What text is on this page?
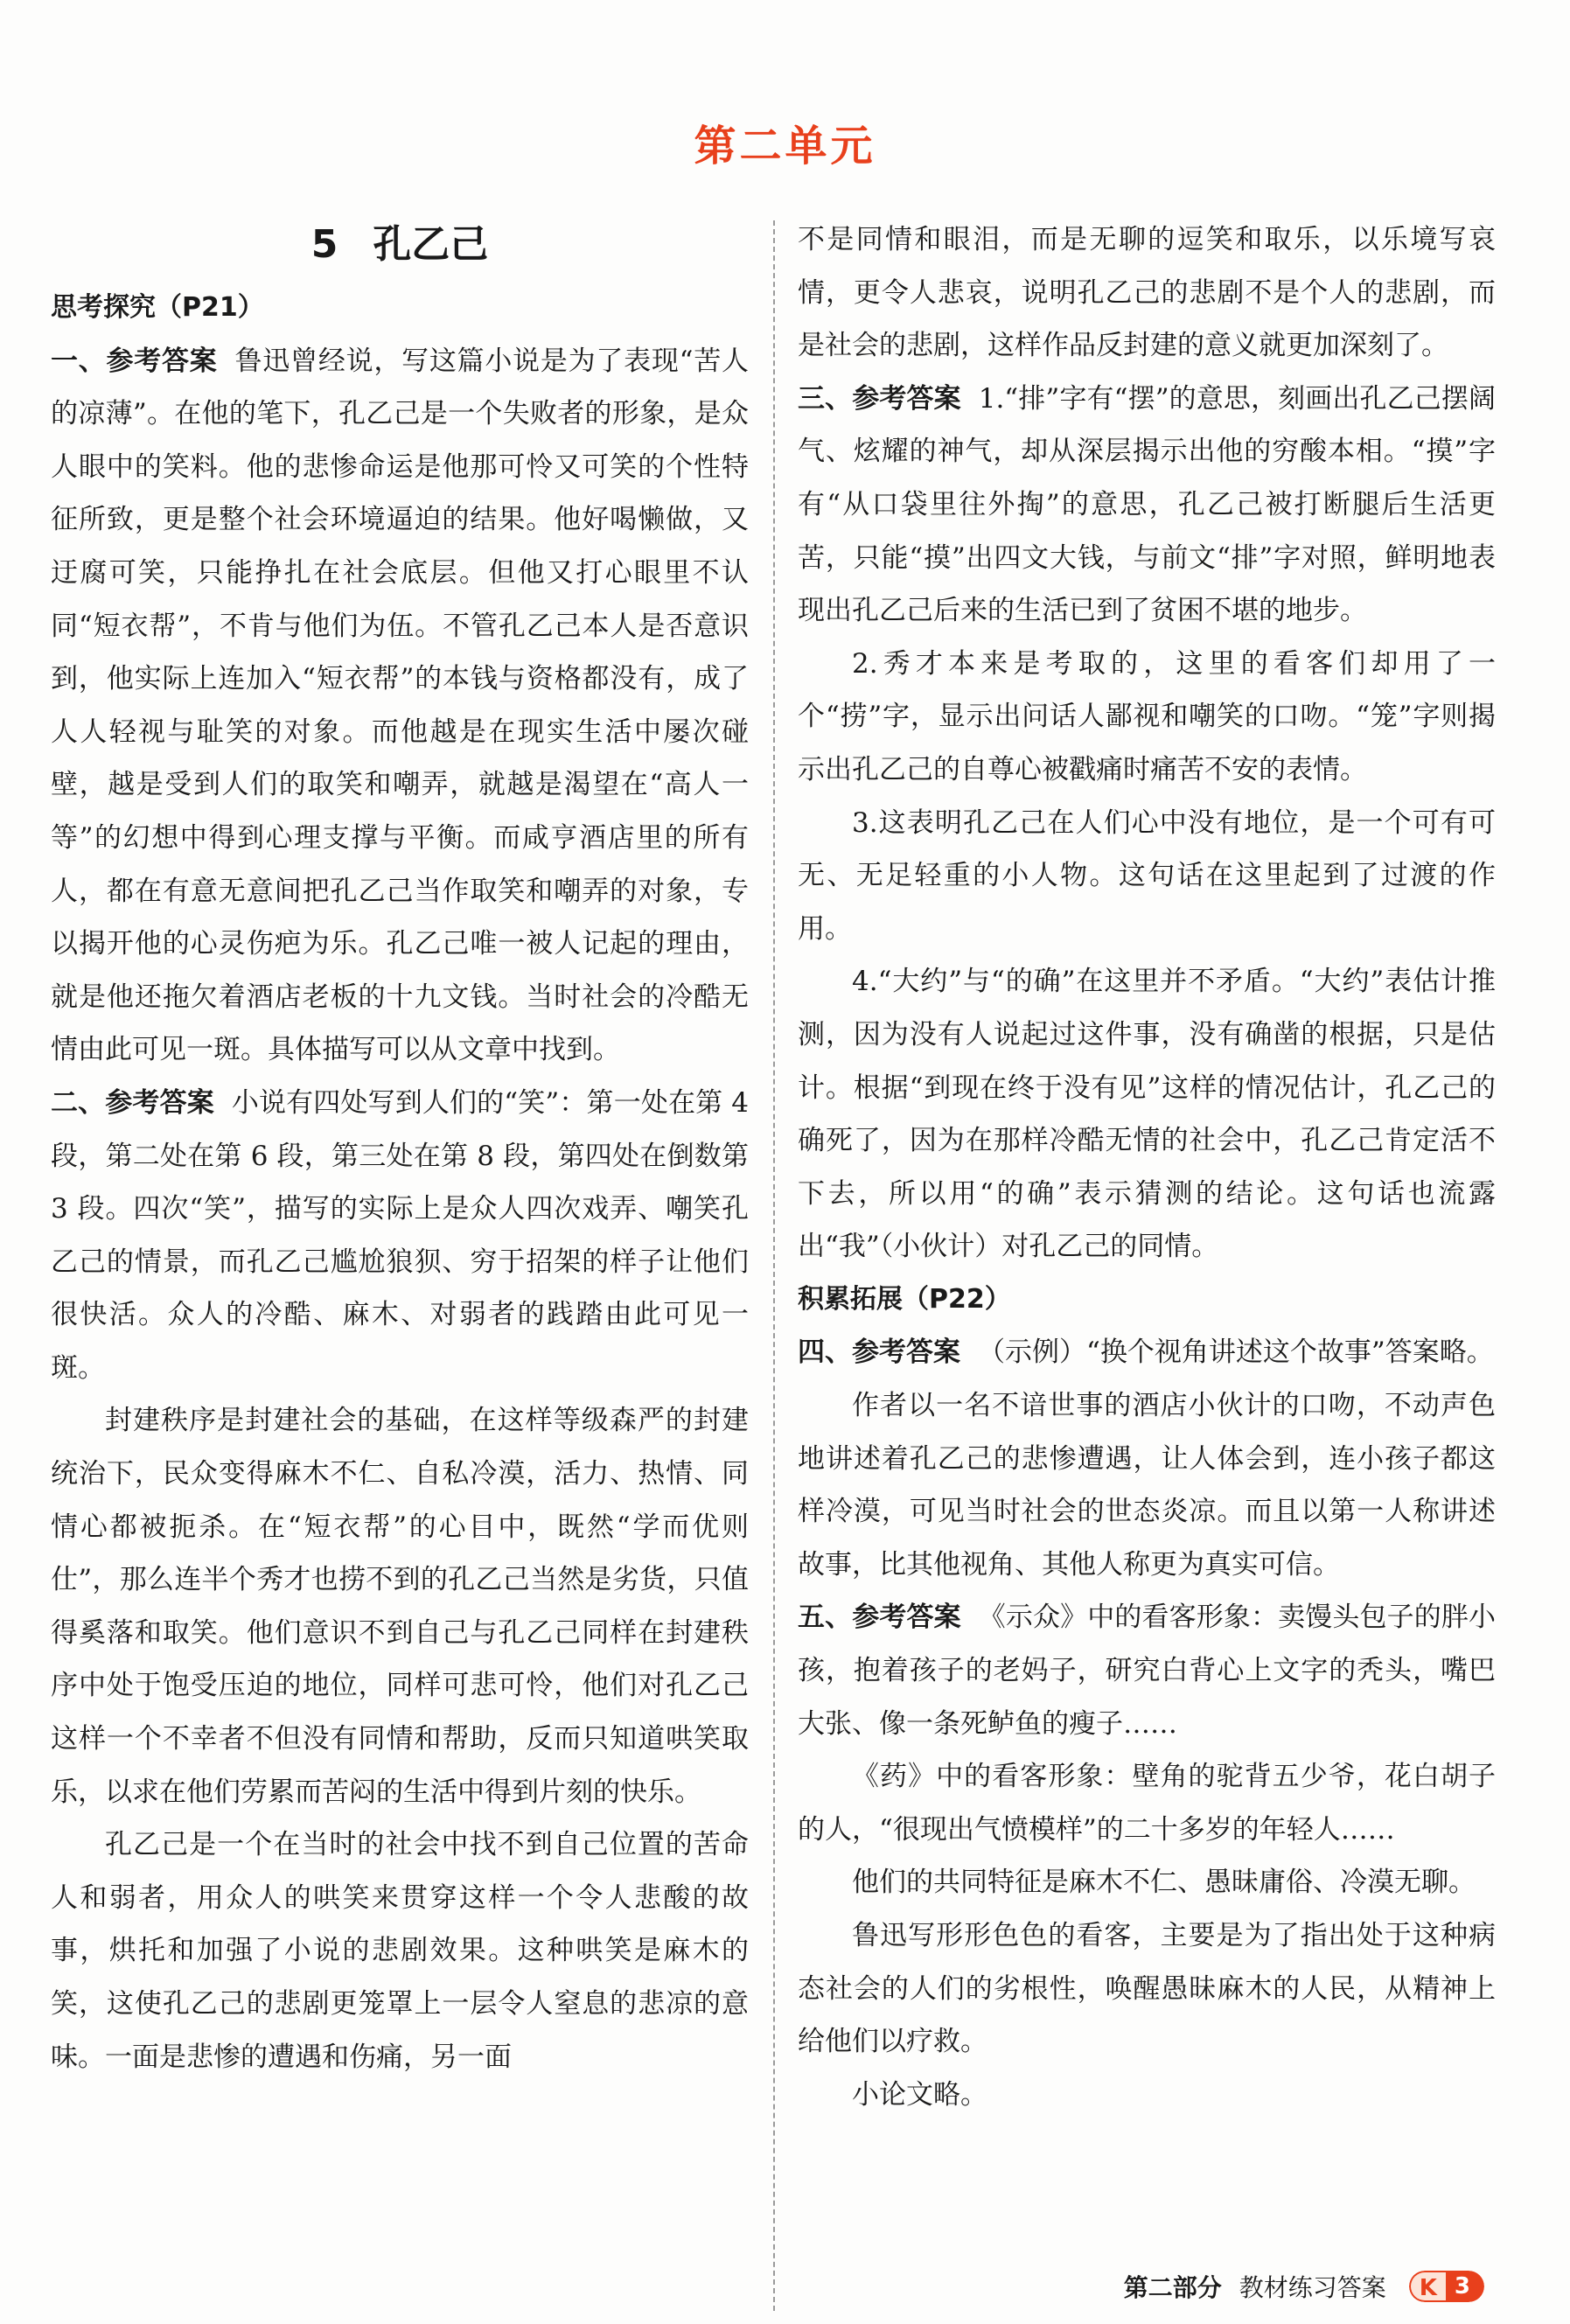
第二单元

5 孔乙己

思考探究（P21）

一、参考答案 鲁迅曾经说，写这篇小说是为了表现“苦人的凉薄”。在他的笔下，孔乙己是一个失败者的形象，是众人眼中的笑料。他的悲惨命运是他那可怜又可笑的个性特征所致，更是整个社会环境逼迫的结果。他好喝懒做，又迂腐可笑，只能挣扎在社会底层。但他又打心眼里不认同“短衣帮”，不肯与他们为伍。不管孔乙己本人是否意识到，他实际上连加入“短衣帮”的本钱与资格都没有，成了人人轻视与耻笑的对象。而他越是在现实生活中屡次碰壁，越是受到人们的取笑和嘲弄，就越是渴望在“高人一等”的幻想中得到心理支撑与平衡。而咸亨酒店里的所有人，都在有意无意间把孔乙己当作取笑和嘲弄的对象，专以揭开他的心灵伤疤为乐。孔乙己唯一被人记起的理由，就是他还拖欠着酒店老板的十九文钱。当时社会的冷酷无情由此可见一斑。具体描写可以从文章中找到。

二、参考答案 小说有四处写到人们的“笑”：第一处在第 4 段，第二处在第 6 段，第三处在第 8 段，第四处在倒数第 3 段。四次“笑”，描写的实际上是众人四次戏弄、嘲笑孔乙己的情景，而孔乙己尴尬狼狈、穷于招架的样子让他们很快活。众人的冷酷、麻木、对弱者的践踏由此可见一斑。

封建秩序是封建社会的基础，在这样等级森严的封建统治下，民众变得麻木不仁、自私冷漠，活力、热情、同情心都被扼杀。在“短衣帮”的心目中，既然“学而优则仕”，那么连半个秀才也捞不到的孔乙己当然是劣货，只值得奚落和取笑。他们意识不到自己与孔乙己同样在封建秩序中处于饱受压迫的地位，同样可悲可怜，他们对孔乙己这样一个不幸者不但没有同情和帮助，反而只知道哄笑取乐，以求在他们劳累而苦闷的生活中得到片刻的快乐。

孔乙己是一个在当时的社会中找不到自己位置的苦命人和弱者，用众人的哄笑来贯穿这样一个令人悲酸的故事，烘托和加强了小说的悲剧效果。这种哄笑是麻木的笑，这使孔乙己的悲剧更笼罩上一层令人窒息的悲凉的意味。一面是悲惨的遭遇和伤痛，另一面

不是同情和眼泪，而是无聊的逗笑和取乐，以乐境写哀情，更令人悲哀，说明孔乙己的悲剧不是个人的悲剧，而是社会的悲剧，这样作品反封建的意义就更加深刻了。

三、参考答案 1.“排”字有“摆”的意思，刻画出孔乙己摆阔气、炫耀的神气，却从深层揭示出他的穷酸本相。“摸”字有“从口袋里往外掏”的意思，孔乙己被打断腿后生活更苦，只能“摸”出四文大钱，与前文“排”字对照，鲜明地表现出孔乙己后来的生活已到了贫困不堪的地步。

2.秀才本来是考取的，这里的看客们却用了一个“捞”字，显示出问话人鄙视和嘲笑的口吻。“笼”字则揭示出孔乙己的自尊心被戳痛时痛苦不安的表情。

3.这表明孔乙己在人们心中没有地位，是一个可有可无、无足轻重的小人物。这句话在这里起到了过渡的作用。

4.“大约”与“的确”在这里并不矛盾。“大约”表估计推测，因为没有人说起过这件事，没有确凿的根据，只是估计。根据“到现在终于没有见”这样的情况估计，孔乙己的确死了，因为在那样冷酷无情的社会中，孔乙己肯定活不下去，所以用“的确”表示猜测的结论。这句话也流露出“我”（小伙计）对孔乙己的同情。

积累拓展（P22）

四、参考答案 （示例）“换个视角讲述这个故事”答案略。

作者以一名不谙世事的酒店小伙计的口吻，不动声色地讲述着孔乙己的悲惨遭遇，让人体会到，连小孩子都这样冷漠，可见当时社会的世态炎凉。而且以第一人称讲述故事，比其他视角、其他人称更为真实可信。

五、参考答案 《示众》中的看客形象：卖馒头包子的胖小孩，抱着孩子的老妈子，研究白背心上文字的秃头，嘴巴大张、像一条死鲈鱼的瘦子……

《药》中的看客形象：壁角的驼背五少爷，花白胡子的人，“很现出气愤模样”的二十多岁的年轻人……

他们的共同特征是麻木不仁、愚昧庸俗、冷漠无聊。

鲁迅写形形色色的看客，主要是为了指出处于这种病态社会的人们的劣根性，唤醒愚昧麻木的人民，从精神上给他们以疗救。

小论文略。

第二部分 教材练习答案	K 3
